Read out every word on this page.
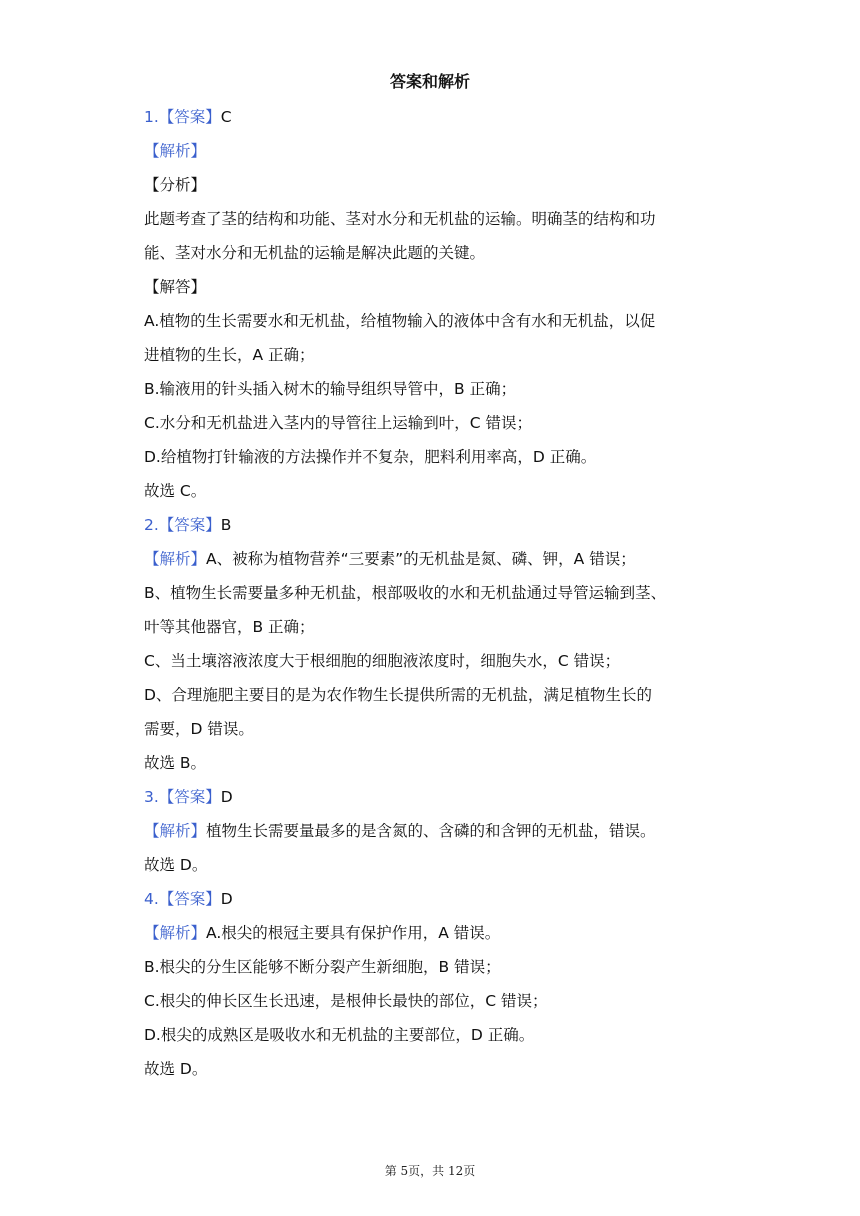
答案和解析
1.【答案】C
【解析】
【分析】
此题考查了茎的结构和功能、茎对水分和无机盐的运输。明确茎的结构和功
能、茎对水分和无机盐的运输是解决此题的关键。
【解答】
A.植物的生长需要水和无机盐，给植物输入的液体中含有水和无机盐，以促
进植物的生长，A 正确；
B.输液用的针头插入树木的输导组织导管中，B 正确；
C.水分和无机盐进入茎内的导管往上运输到叶，C 错误；
D.给植物打针输液的方法操作并不复杂，肥料利用率高，D 正确。
故选 C。
2.【答案】B
【解析】A、被称为植物营养“三要素”的无机盐是氮、磷、钾，A 错误；
B、植物生长需要量多种无机盐，根部吸收的水和无机盐通过导管运输到茎、
叶等其他器官，B 正确；
C、当土壤溶液浓度大于根细胞的细胞液浓度时，细胞失水，C 错误；
D、合理施肥主要目的是为农作物生长提供所需的无机盐，满足植物生长的
需要，D 错误。
故选 B。
3.【答案】D
【解析】植物生长需要量最多的是含氮的、含磷的和含钾的无机盐，错误。
故选 D。
4.【答案】D
【解析】A.根尖的根冠主要具有保护作用，A 错误。
B.根尖的分生区能够不断分裂产生新细胞，B 错误；
C.根尖的伸长区生长迅速，是根伸长最快的部位，C 错误；
D.根尖的成熟区是吸收水和无机盐的主要部位，D 正确。
故选 D。
第 5页，共 12页
